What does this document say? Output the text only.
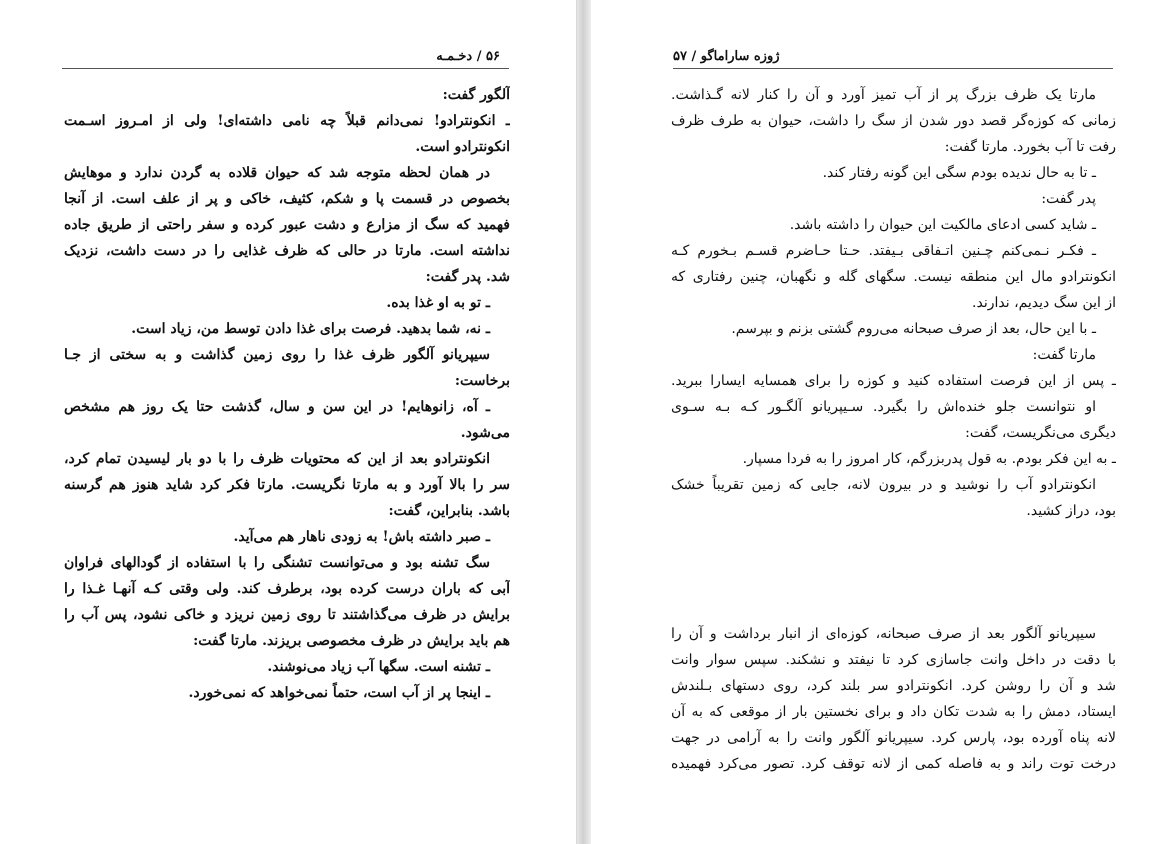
۵۶ / دخـمـه
آلگور گفت:
ـ انکونترادو! نمی‌دانم قبلاً چه نامی داشته‌ای! ولی از امـروز اسـمت
انکونترادو است.
در همان لحظه متوجه شد که حیوان قلاده به گردن ندارد و موهایش
بخصوص در قسمت پا و شکم، کثیف، خاکی و پر از علف است. از آنجا
فهمید که سگ از مزارع و دشت عبور کرده و سفر راحتی از طریق جاده
نداشته است. مارتا در حالی که ظرف غذایی را در دست داشت، نزدیک
شد. پدر گفت:
ـ تو به او غذا بده.
ـ نه، شما بدهید. فرصت برای غذا دادن توسط من، زیاد است.
سیپریانو آلگور ظرف غذا را روی زمین گذاشت و به سختی از جـا
برخاست:
ـ آه، زانوهایم! در این سن و سال، گذشت حتا یک روز هم مشخص
می‌شود.
انکونترادو بعد از این که محتویات ظرف را با دو بار لیسیدن تمام کرد،
سر را بالا آورد و به مارتا نگریست. مارتا فکر کرد شاید هنوز هم گرسنه
باشد. بنابراین، گفت:
ـ صبر داشته باش! به زودی ناهار هم می‌آید.
سگ تشنه بود و می‌توانست تشنگی را با استفاده از گودالهای فراوان
آبی که باران درست کرده بود، برطرف کند. ولی وقتی کـه آنهـا غـذا را
برایش در ظرف می‌گذاشتند تا روی زمین نریزد و خاکی نشود، پس آب را
هم باید برایش در ظرف مخصوصی بریزند. مارتا گفت:
ـ تشنه است. سگها آب زیاد می‌نوشند.
ـ اینجا پر از آب است، حتماً نمی‌خواهد که نمی‌خورد.
ژوزه ساراماگو / ۵۷
مارتا یک ظرف بزرگ پر از آب تمیز آورد و آن را کنار لانه گـذاشت.
زمانی که کوزه‌گر قصد دور شدن از سگ را داشت، حیوان به طرف ظرف
رفت تا آب بخورد. مارتا گفت:
ـ تا به حال ندیده بودم سگی این گونه رفتار کند.
پدر گفت:
ـ شاید کسی ادعای مالکیت این حیوان را داشته باشد.
ـ فکـر نـمی‌کنم چـنین اتـفاقی بـیفتد. حـتا حـاضرم قسـم بـخورم کـه
انکونترادو مال این منطقه نیست. سگهای گله و نگهبان، چنین رفتاری که
از این سگ دیدیم، ندارند.
ـ با این حال، بعد از صرف صبحانه می‌روم گشتی بزنم و بپرسم.
مارتا گفت:
ـ پس از این فرصت استفاده کنید و کوزه را برای همسایه ایسارا ببرید.
او نتوانست جلو خنده‌اش را بگیرد. سـیپریانو آلگـور کـه بـه سـوی
دیگری می‌نگریست، گفت:
ـ به این فکر بودم. به قول پدربزرگم، کار امروز را به فردا مسپار.
انکونترادو آب را نوشید و در بیرون لانه، جایی که زمین تقریباً خشک
بود، دراز کشید.
سیپریانو آلگور بعد از صرف صبحانه، کوزه‌ای از انبار برداشت و آن را
با دقت در داخل وانت جاسازی کرد تا نیفتد و نشکند. سپس سوار وانت
شد و آن را روشن کرد. انکونترادو سر بلند کرد، روی دستهای بـلندش
ایستاد، دمش را به شدت تکان داد و برای نخستین بار از موقعی که به آن
لانه پناه آورده بود، پارس کرد. سیپریانو آلگور وانت را به آرامی در جهت
درخت توت راند و به فاصله کمی از لانه توقف کرد. تصور می‌کرد فهمیده
